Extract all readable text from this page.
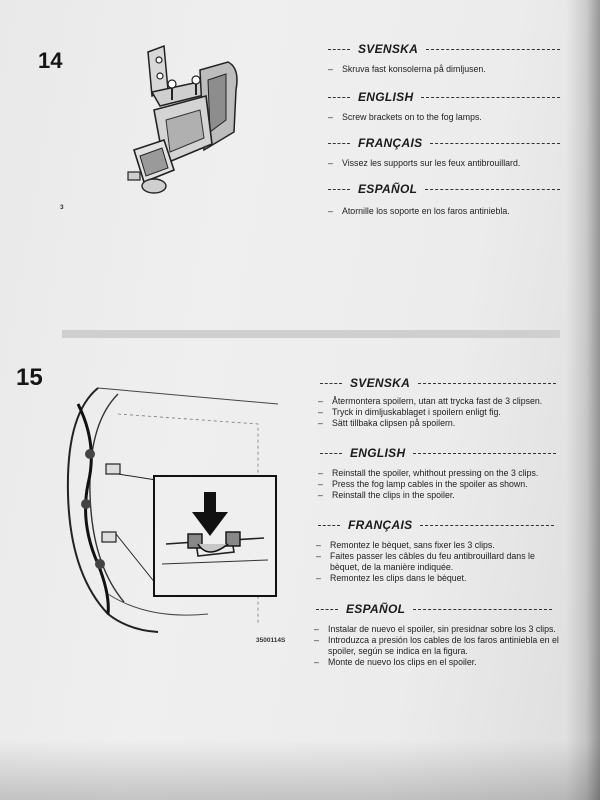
14
3
SVENSKA
– Skruva fast konsolerna på dimljusen.
ENGLISH
– Screw brackets on to the fog lamps.
FRANÇAIS
– Vissez les supports sur les feux antibrouillard.
ESPAÑOL
– Atornille los soporte en los faros antiniebla.
15
3500114S
SVENSKA
– Återmontera spoilern, utan att trycka fast de 3 clipsen.
– Tryck in dimljuskablaget i spoilern enligt fig.
– Sätt tillbaka clipsen på spoilern.
ENGLISH
– Reinstall the spoiler, whithout pressing on the 3 clips.
– Press the fog lamp cables in the spoiler as shown.
– Reinstall the clips in the spoiler.
FRANÇAIS
– Remontez le bèquet, sans fixer les 3 clips.
– Faites passer les câbles du feu antibrouillard dans le bèquet, de la manière indiquée.
– Remontez les clips dans le bèquet.
ESPAÑOL
– Instalar de nuevo el spoiler, sin presidnar sobre los 3 clips.
– Introduzca a presión los cables de los faros antiniebla en el spoiler, según se indica en la figura.
– Monte de nuevo los clips en el spoiler.
